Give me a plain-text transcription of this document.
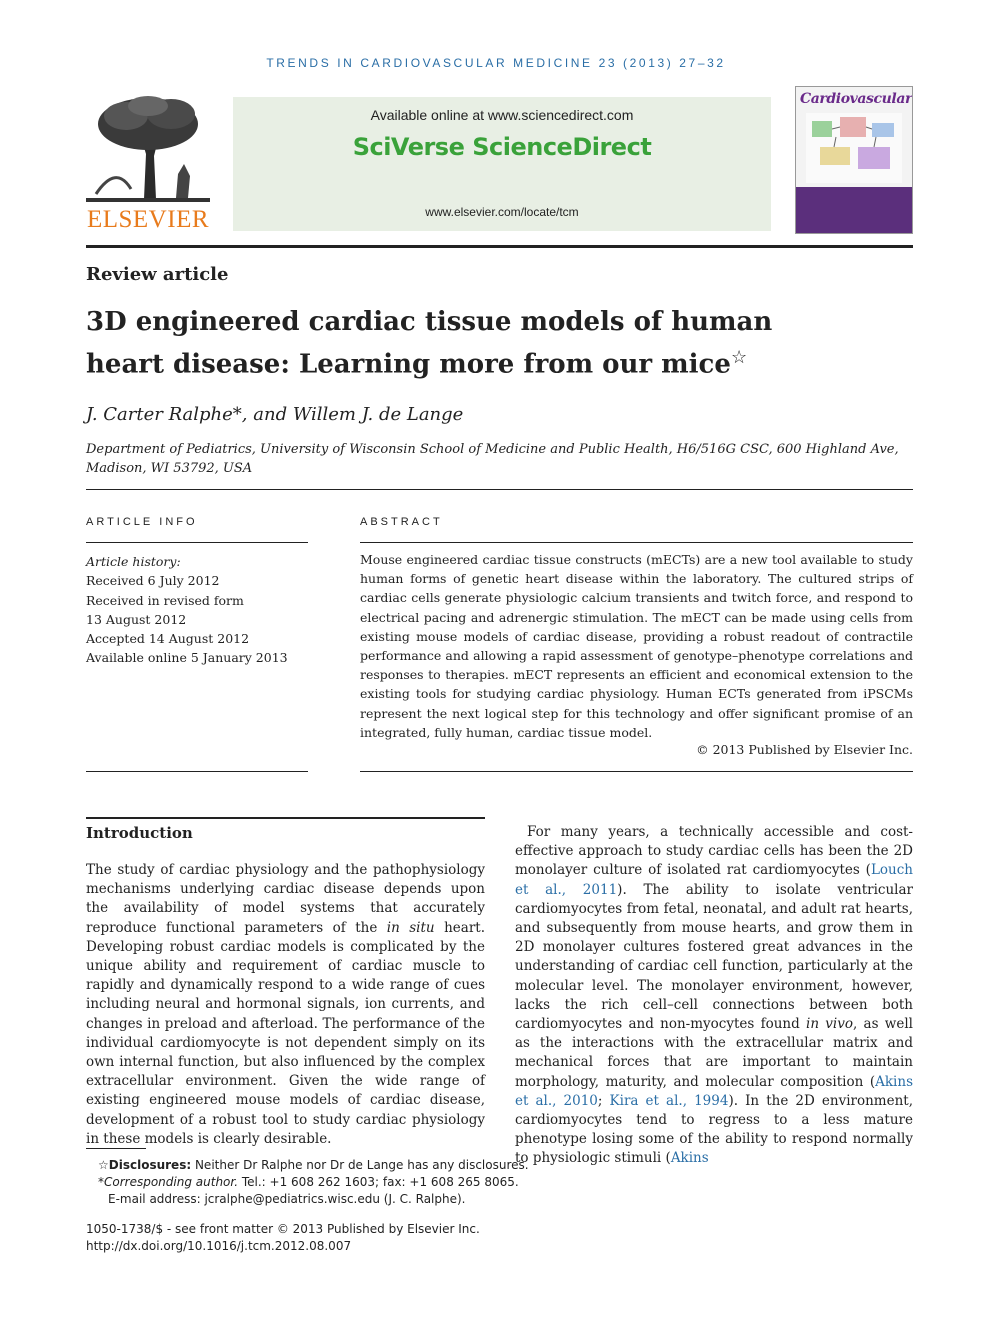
TRENDS IN CARDIOVASCULAR MEDICINE 23 (2013) 27–32
ELSEVIER
Available online at www.sciencedirect.com
SciVerse ScienceDirect
www.elsevier.com/locate/tcm
Cardiovascular
Review article
3D engineered cardiac tissue models of human heart disease: Learning more from our mice☆
J. Carter Ralphe*, and Willem J. de Lange
Department of Pediatrics, University of Wisconsin School of Medicine and Public Health, H6/516G CSC, 600 Highland Ave, Madison, WI 53792, USA
ARTICLE INFO
Article history:
Received 6 July 2012
Received in revised form
13 August 2012
Accepted 14 August 2012
Available online 5 January 2013
ABSTRACT
Mouse engineered cardiac tissue constructs (mECTs) are a new tool available to study human forms of genetic heart disease within the laboratory. The cultured strips of cardiac cells generate physiologic calcium transients and twitch force, and respond to electrical pacing and adrenergic stimulation. The mECT can be made using cells from existing mouse models of cardiac disease, providing a robust readout of contractile performance and allowing a rapid assessment of genotype–phenotype correlations and responses to therapies. mECT represents an efficient and economical extension to the existing tools for studying cardiac physiology. Human ECTs generated from iPSCMs represent the next logical step for this technology and offer significant promise of an integrated, fully human, cardiac tissue model.
© 2013 Published by Elsevier Inc.
Introduction

The study of cardiac physiology and the pathophysiology mechanisms underlying cardiac disease depends upon the availability of model systems that accurately reproduce functional parameters of the in situ heart. Developing robust cardiac models is complicated by the unique ability and requirement of cardiac muscle to rapidly and dynamically respond to a wide range of cues including neural and hormonal signals, ion currents, and changes in preload and afterload. The performance of the individual cardiomyocyte is not dependent simply on its own internal function, but also influenced by the complex extracellular environment. Given the wide range of existing engineered mouse models of cardiac disease, development of a robust tool to study cardiac physiology in these models is clearly desirable.

For many years, a technically accessible and cost-effective approach to study cardiac cells has been the 2D monolayer culture of isolated rat cardiomyocytes (Louch et al., 2011). The ability to isolate ventricular cardiomyocytes from fetal, neonatal, and adult rat hearts, and subsequently from mouse hearts, and grow them in 2D monolayer cultures fostered great advances in the understanding of cardiac cell function, particularly at the molecular level. The monolayer environment, however, lacks the rich cell–cell connections between both cardiomyocytes and non-myocytes found in vivo, as well as the interactions with the extracellular matrix and mechanical forces that are important to maintain morphology, maturity, and molecular composition (Akins et al., 2010; Kira et al., 1994). In the 2D environment, cardiomyocytes tend to regress to a less mature phenotype losing some of the ability to respond normally to physiologic stimuli (Akins

☆Disclosures: Neither Dr Ralphe nor Dr de Lange has any disclosures.
*Corresponding author. Tel.: +1 608 262 1603; fax: +1 608 265 8065.
E-mail address: jcralphe@pediatrics.wisc.edu (J. C. Ralphe).
1050-1738/$ - see front matter © 2013 Published by Elsevier Inc.
http://dx.doi.org/10.1016/j.tcm.2012.08.007
